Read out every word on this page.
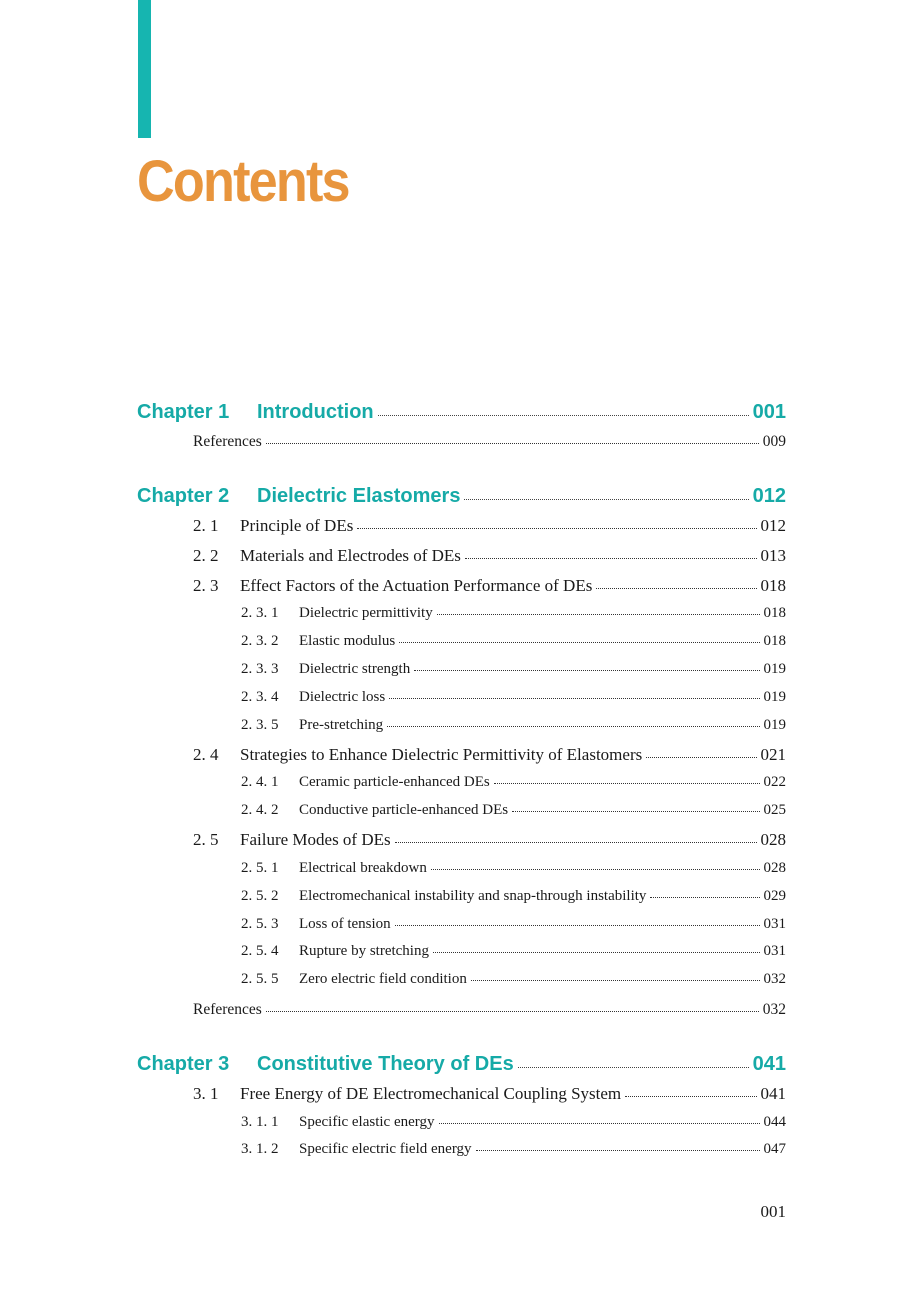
Contents
Chapter 1	Introduction	001
References	009
Chapter 2	Dielectric Elastomers	012
2. 1	Principle of DEs	012
2. 2	Materials and Electrodes of DEs	013
2. 3	Effect Factors of the Actuation Performance of DEs	018
2. 3. 1	Dielectric permittivity	018
2. 3. 2	Elastic modulus	018
2. 3. 3	Dielectric strength	019
2. 3. 4	Dielectric loss	019
2. 3. 5	Pre-stretching	019
2. 4	Strategies to Enhance Dielectric Permittivity of Elastomers	021
2. 4. 1	Ceramic particle-enhanced DEs	022
2. 4. 2	Conductive particle-enhanced DEs	025
2. 5	Failure Modes of DEs	028
2. 5. 1	Electrical breakdown	028
2. 5. 2	Electromechanical instability and snap-through instability	029
2. 5. 3	Loss of tension	031
2. 5. 4	Rupture by stretching	031
2. 5. 5	Zero electric field condition	032
References	032
Chapter 3	Constitutive Theory of DEs	041
3. 1	Free Energy of DE Electromechanical Coupling System	041
3. 1. 1	Specific elastic energy	044
3. 1. 2	Specific electric field energy	047
001
